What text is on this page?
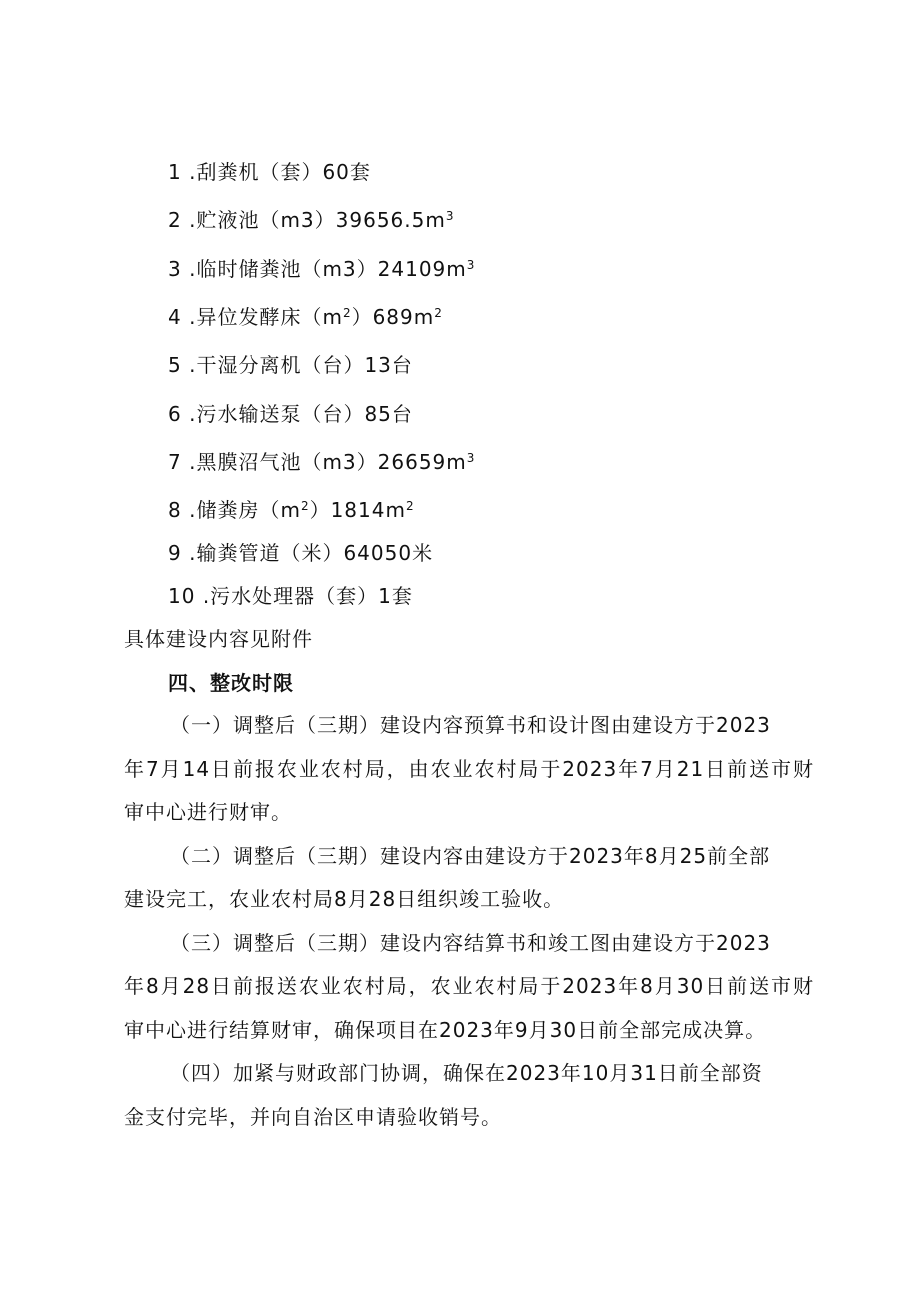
1 .刮粪机（套）60套
2 .贮液池$(m3)39656.5m^3$
3 .临时储粪池$(m3)24109m^3$
4 .异位发酵床$(m^2)689m^2$
5 .干湿分离机（台）13台
6 .污水输送泵（台）85台
7 .黑膜沼气池$(m3)26659m^3$
8 .储粪房$(m^2)1814m^2$
9 .输粪管道（米）64050米
10 .污水处理器（套）1套
具体建设内容见附件
四、整改时限
（一）调整后（三期）建设内容预算书和设计图由建设方于2023
年7月14日前报农业农村局，由农业农村局于2023年7月21日前送市财
审中心进行财审。
（二）调整后（三期）建设内容由建设方于2023年8月25前全部
建设完工，农业农村局8月28日组织竣工验收。
（三）调整后（三期）建设内容结算书和竣工图由建设方于2023
年8月28日前报送农业农村局，农业农村局于2023年8月30日前送市财
审中心进行结算财审，确保项目在2023年9月30日前全部完成决算。
（四）加紧与财政部门协调，确保在2023年10月31日前全部资
金支付完毕，并向自治区申请验收销号。
